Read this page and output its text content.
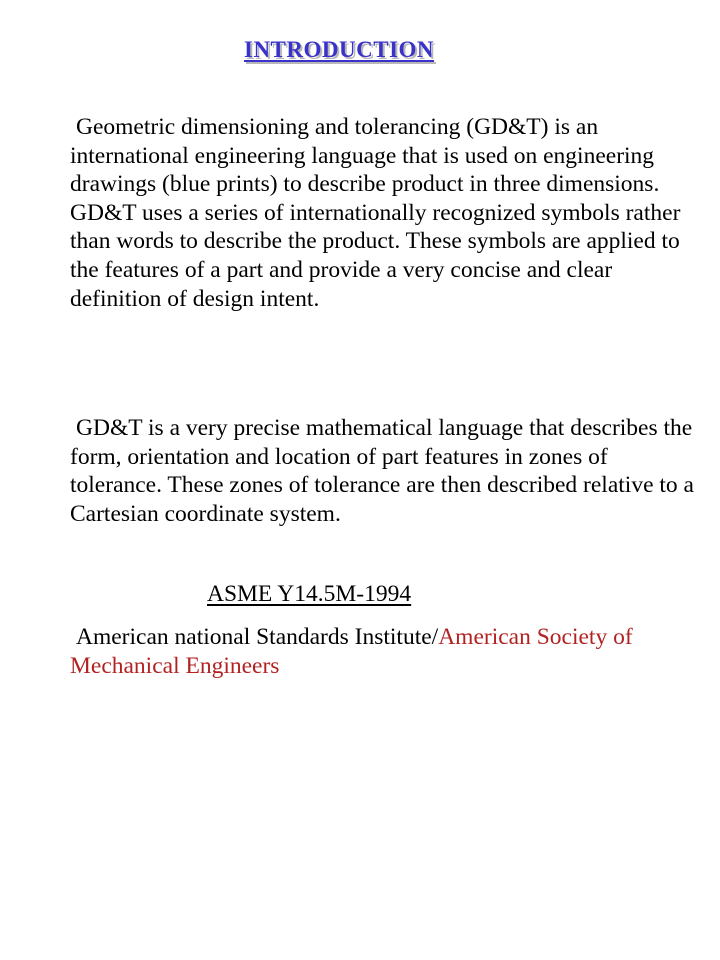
INTRODUCTION

Geometric dimensioning and tolerancing (GD&T) is an international engineering language that is used on engineering drawings (blue prints) to describe product in three dimensions. GD&T uses a series of internationally recognized symbols rather than words to describe the product. These symbols are applied to the features of a part and provide a very concise and clear definition of design intent.

GD&T is a very precise mathematical language that describes the form, orientation and location of part features in zones of tolerance. These zones of tolerance are then described relative to a Cartesian coordinate system.

ASME Y14.5M-1994

American national Standards Institute/American Society of Mechanical Engineers
